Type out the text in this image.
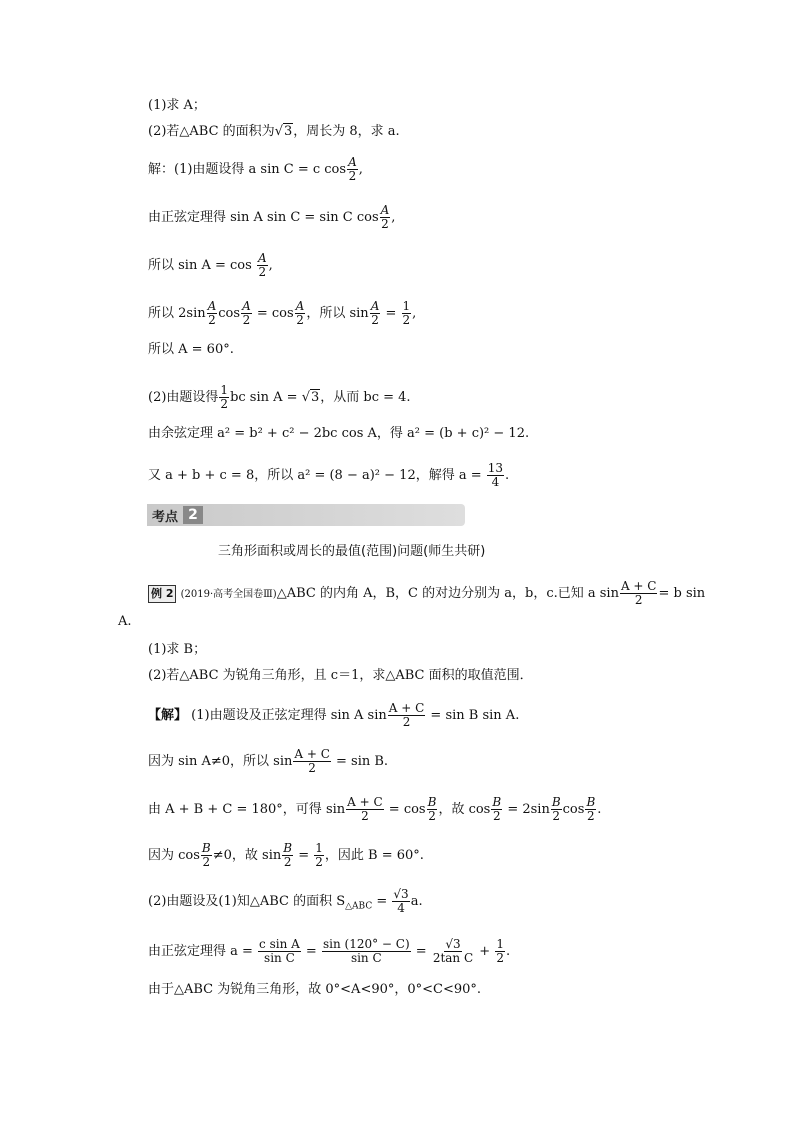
(1)求 A；
(2)若△ABC 的面积为√3，周长为 8，求 a.
解：(1)由题设得 a sin C = c $\cos \frac{A}{2}$ ,
由正弦定理得 sin A sin C = sin C $\cos \frac{A}{2}$ ,
所以 $\sin A = \cos \frac{A}{2}$ ,
所以 $2\sin \frac{A}{2}$ $\cos \frac{A}{2} = \cos \frac{A}{2}$ ，所以 $\sin \frac{A}{2} = \frac{1}{2}$ ,
所以 A = 60°.
(2)由题设得 $\frac{1}{2}$ bc sin A = √3，从而 bc = 4.
由余弦定理 a² = b² + c² − 2bc cos A，得 a² = (b + c)² − 12.
又 a + b + c = 8，所以 a² = (8 − a)² − 12，解得 $a = \frac{13}{4}$ .
考点 2
三角形面积或周长的最值(范围)问题(师生共研)
例 2 (2019·高考全国卷Ⅲ)△ABC 的内角 A，B，C 的对边分别为 a，b，c.已知 a $\sin \frac{A + C}{2} = b$ sin
A.
(1)求 B；
(2)若△ABC 为锐角三角形，且 c＝1，求△ABC 面积的取值范围．
【解】 (1)由题设及正弦定理得 sin A $\sin \frac{A + C}{2} = \sin B$ sin A.
因为 sin A≠0，所以 $\sin \frac{A + C}{2} = \sin B$.
由 A + B + C = 180°，可得 $\sin \frac{A + C}{2} = \cos \frac{B}{2}$ ，故 $\cos \frac{B}{2} = 2\sin \frac{B}{2}$ $\cos \frac{B}{2}$ .
因为 $\cos \frac{B}{2} \ne 0$，故 $\sin \frac{B}{2} = \frac{1}{2}$ ，因此 B = 60°.
(2)由题设及(1)知△ABC 的面积 $S_{\triangle ABC} = \frac{√3}{4} a$.
由正弦定理得 $a = \frac{\text{c sin A}}{\text{sin C}} = \frac{\sin (120^\circ - C)}{\text{sin C}} = \frac{√3}{\text{2tan C}} + \frac{1}{2}$ .
由于△ABC 为锐角三角形，故 0°<A<90°，0°<C<90°.
